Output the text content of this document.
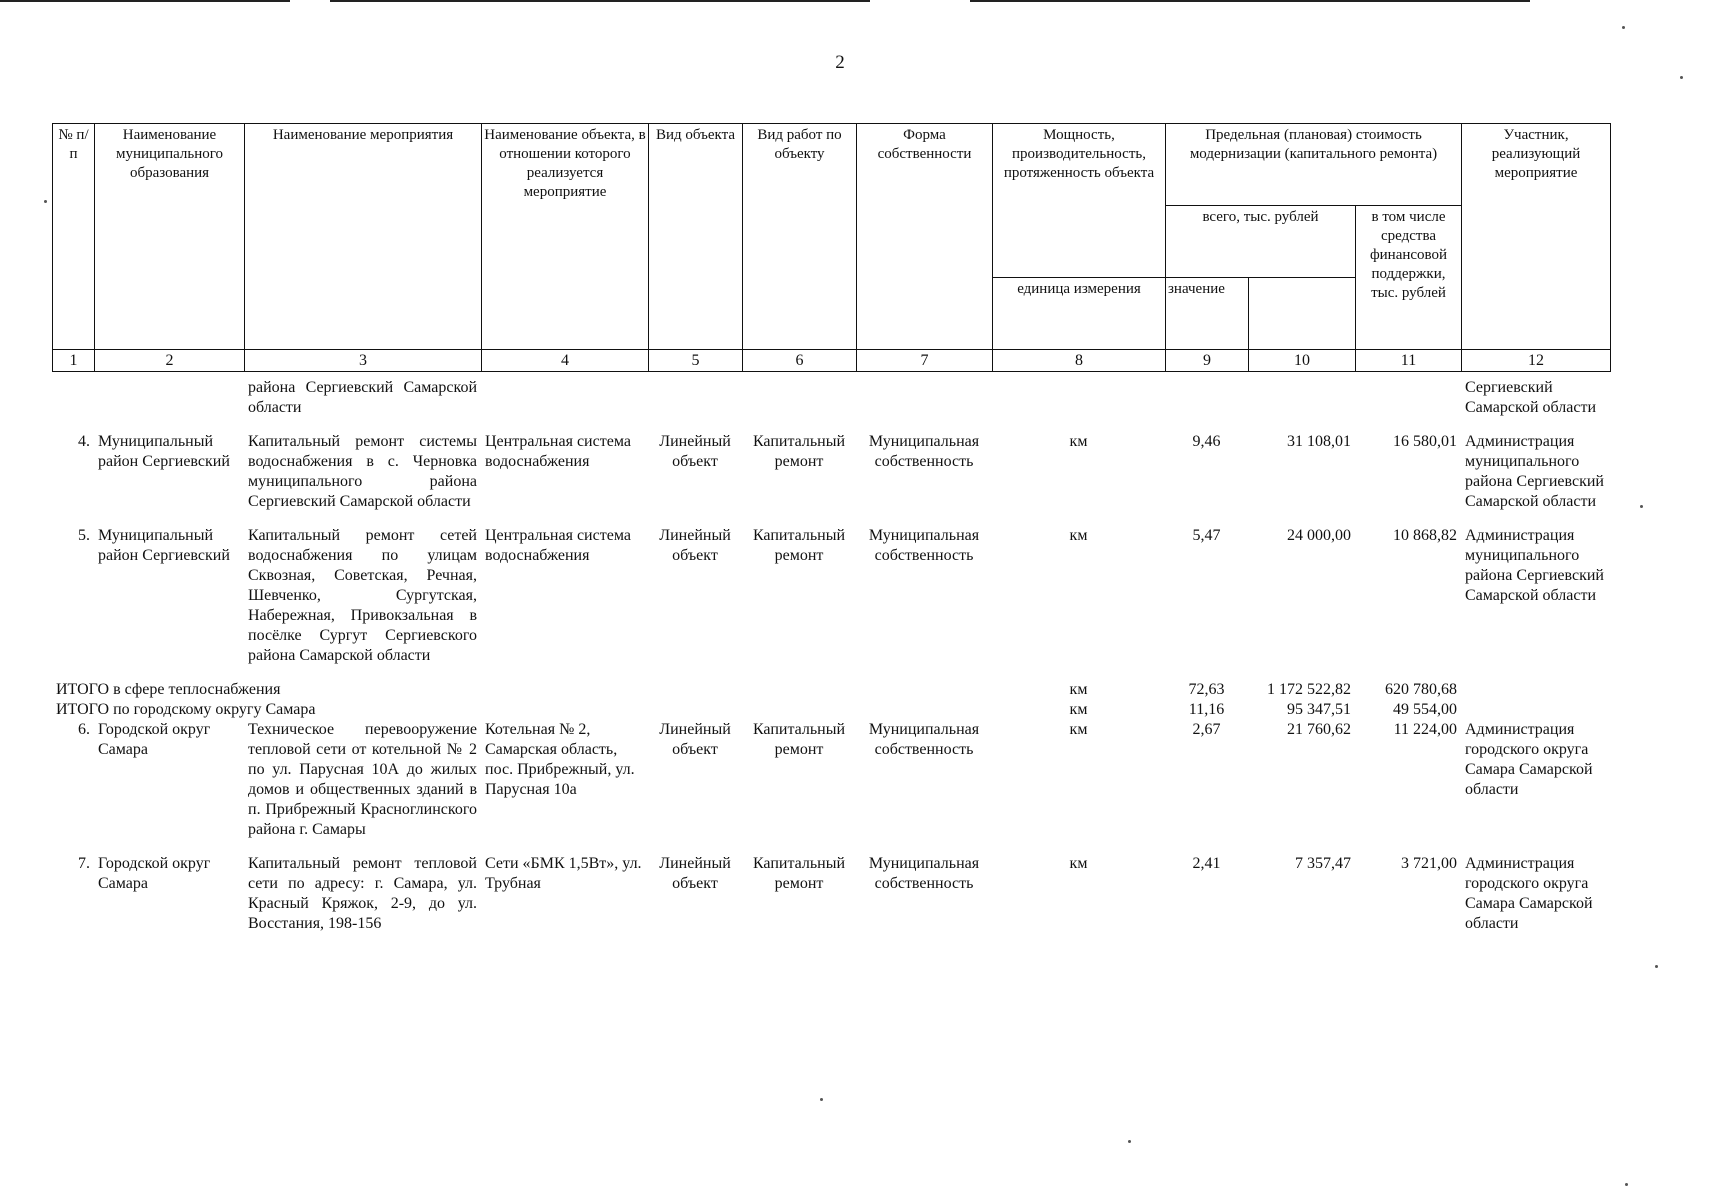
2
№ п/п	Наименование муниципального образования	Наименование мероприятия	Наименование объекта, в отношении которого реализуется мероприятие	Вид объекта	Вид работ по объекту	Форма собственности	Мощность, производительность, протяженность объекта	Предельная (плановая) стоимость модернизации (капитального ремонта)			Участник, реализующий мероприятие
								всего, тыс. рублей		в том числе средства финансовой поддержки, тыс. рублей	
							единица измерения	значение			
1	2	3	4	5	6	7	8	9	10	11	12
		района Сергиевский Самарской области									Сергиевский Самарской области

4.	Муниципальный район Сергиевский	Капитальный ремонт системы водоснабжения в с. Черновка муниципального района Сергиевский Самарской области	Центральная система водоснабжения	Линейный объект	Капитальный ремонт	Муниципальная собственность	км	9,46	31 108,01	16 580,01	Администрация муниципального района Сергиевский Самарской области

5.	Муниципальный район Сергиевский	Капитальный ремонт сетей водоснабжения по улицам Сквозная, Советская, Речная, Шевченко, Сургутская, Набережная, Привокзальная в посёлке Сургут Сергиевского района Самарской области	Центральная система водоснабжения	Линейный объект	Капитальный ремонт	Муниципальная собственность	км	5,47	24 000,00	10 868,82	Администрация муниципального района Сергиевский Самарской области

ИТОГО в сфере теплоснабжения							км	72,63	1 172 522,82	620 780,68	
ИТОГО по городскому округу Самара							км	11,16	95 347,51	49 554,00	
6.	Городской округ Самара	Техническое перевооружение тепловой сети от котельной № 2 по ул. Парусная 10А до жилых домов и общественных зданий в п. Прибрежный Красноглинского района г. Самары	Котельная № 2, Самарская область, пос. Прибрежный, ул. Парусная 10а	Линейный объект	Капитальный ремонт	Муниципальная собственность	км	2,67	21 760,62	11 224,00	Администрация городского округа Самара Самарской области

7.	Городской округ Самара	Капитальный ремонт тепловой сети по адресу: г. Самара, ул. Красный Кряжок, 2-9, до ул. Восстания, 198-156	Сети «БМК 1,5Вт», ул. Трубная	Линейный объект	Капитальный ремонт	Муниципальная собственность	км	2,41	7 357,47	3 721,00	Администрация городского округа Самара Самарской области
